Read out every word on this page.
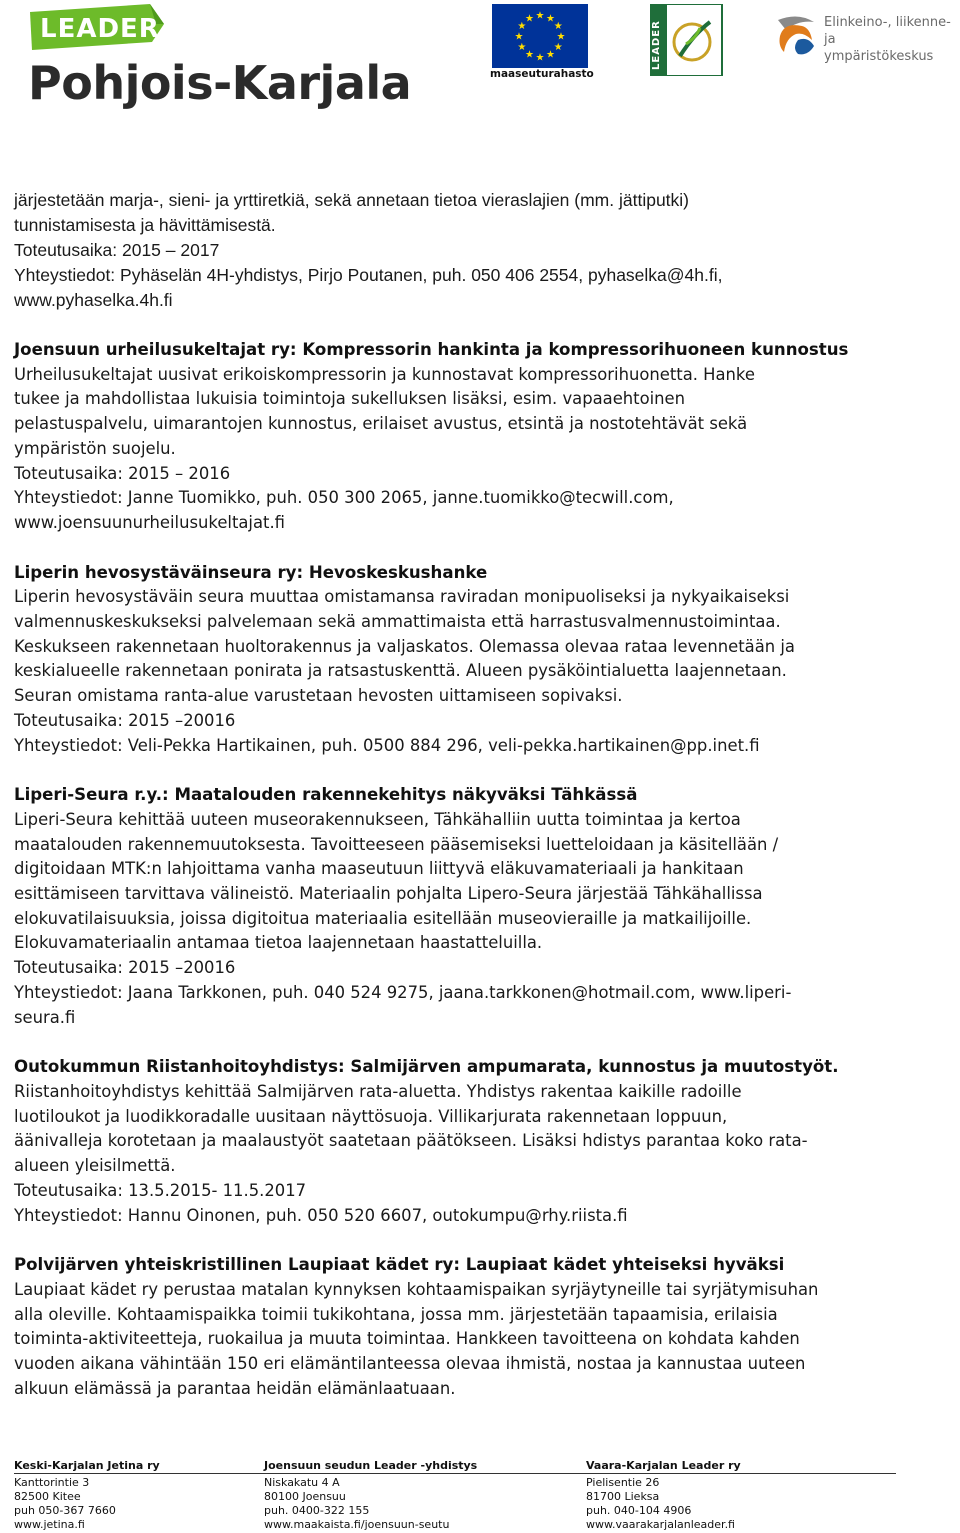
LEADER
Pohjois-Karjala
★
★
★
★
★
★
★
★
★ ★ ★
★
maaseuturahasto
LEADER	Elinkeino-, liikenne- ja
ympäristökeskus

järjestetään marja-, sieni- ja yrttiretkiä, sekä annetaan tietoa vieraslajien (mm. jättiputki)

tunnistamisesta ja hävittämisestä.

Toteutusaika: 2015 – 2017

Yhteystiedot: Pyhäselän 4H-yhdistys, Pirjo Poutanen, puh. 050 406 2554, pyhaselka@4h.fi,

www.pyhaselka.4h.fi

Joensuun urheilusukeltajat ry: Kompressorin hankinta ja kompressorihuoneen kunnostus

Urheilusukeltajat uusivat erikoiskompressorin ja kunnostavat kompressorihuonetta. Hanke

tukee ja mahdollistaa lukuisia toimintoja sukelluksen lisäksi, esim. vapaaehtoinen

pelastuspalvelu, uimarantojen kunnostus, erilaiset avustus, etsintä ja nostotehtävät sekä

ympäristön suojelu.

Toteutusaika: 2015 – 2016

Yhteystiedot: Janne Tuomikko, puh. 050 300 2065, janne.tuomikko@tecwill.com,

www.joensuunurheilusukeltajat.fi

Liperin hevosystäväinseura ry: Hevoskeskushanke

Liperin hevosystäväin seura muuttaa omistamansa raviradan monipuoliseksi ja nykyaikaiseksi

valmennuskeskukseksi palvelemaan sekä ammattimaista että harrastusvalmennustoimintaa.

Keskukseen rakennetaan huoltorakennus ja valjaskatos. Olemassa olevaa rataa levennetään ja

keskialueelle rakennetaan ponirata ja ratsastuskenttä. Alueen pysäköintialuetta laajennetaan.

Seuran omistama ranta-alue varustetaan hevosten uittamiseen sopivaksi.

Toteutusaika: 2015 –20016

Yhteystiedot: Veli-Pekka Hartikainen, puh. 0500 884 296, veli-pekka.hartikainen@pp.inet.fi

Liperi-Seura r.y.: Maatalouden rakennekehitys näkyväksi Tähkässä

Liperi-Seura kehittää uuteen museorakennukseen, Tähkähalliin uutta toimintaa ja kertoa

maatalouden rakennemuutoksesta. Tavoitteeseen pääsemiseksi luetteloidaan ja käsitellään /

digitoidaan MTK:n lahjoittama vanha maaseutuun liittyvä eläkuvamateriaali ja hankitaan

esittämiseen tarvittava välineistö. Materiaalin pohjalta Lipero-Seura järjestää Tähkähallissa

elokuvatilaisuuksia, joissa digitoitua materiaalia esitellään museovieraille ja matkailijoille.

Elokuvamateriaalin antamaa tietoa laajennetaan haastatteluilla.

Toteutusaika: 2015 –20016

Yhteystiedot: Jaana Tarkkonen, puh. 040 524 9275, jaana.tarkkonen@hotmail.com, www.liperi-

seura.fi

Outokummun Riistanhoitoyhdistys: Salmijärven ampumarata, kunnostus ja muutostyöt.

Riistanhoitoyhdistys kehittää Salmijärven rata-aluetta. Yhdistys rakentaa kaikille radoille

luotiloukot ja luodikkoradalle uusitaan näyttösuoja. Villikarjurata rakennetaan loppuun,

äänivalleja korotetaan ja maalaustyöt saatetaan päätökseen. Lisäksi hdistys parantaa koko rata-

alueen yleisilmettä.

Toteutusaika: 13.5.2015- 11.5.2017

Yhteystiedot: Hannu Oinonen, puh. 050 520 6607, outokumpu@rhy.riista.fi

Polvijärven yhteiskristillinen Laupiaat kädet ry: Laupiaat kädet yhteiseksi hyväksi

Laupiaat kädet ry perustaa matalan kynnyksen kohtaamispaikan syrjäytyneille tai syrjätymisuhan

alla oleville. Kohtaamispaikka toimii tukikohtana, jossa mm. järjestetään tapaamisia, erilaisia

toiminta-aktiviteetteja, ruokailua ja muuta toimintaa. Hankkeen tavoitteena on kohdata kahden

vuoden aikana vähintään 150 eri elämäntilanteessa olevaa ihmistä, nostaa ja kannustaa uuteen

alkuun elämässä ja parantaa heidän elämänlaatuaan.

Keski-Karjalan Jetina ry
Kanttorintie 3
82500 Kitee
puh 050-367 7660
www.jetina.fi
Joensuun seudun Leader -yhdistys
Niskakatu 4 A
80100 Joensuu
puh. 0400-322 155
www.maakaista.fi/joensuun-seutu
Vaara-Karjalan Leader ry
Pielisentie 26
81700 Lieksa
puh. 040-104 4906
www.vaarakarjalanleader.fi
